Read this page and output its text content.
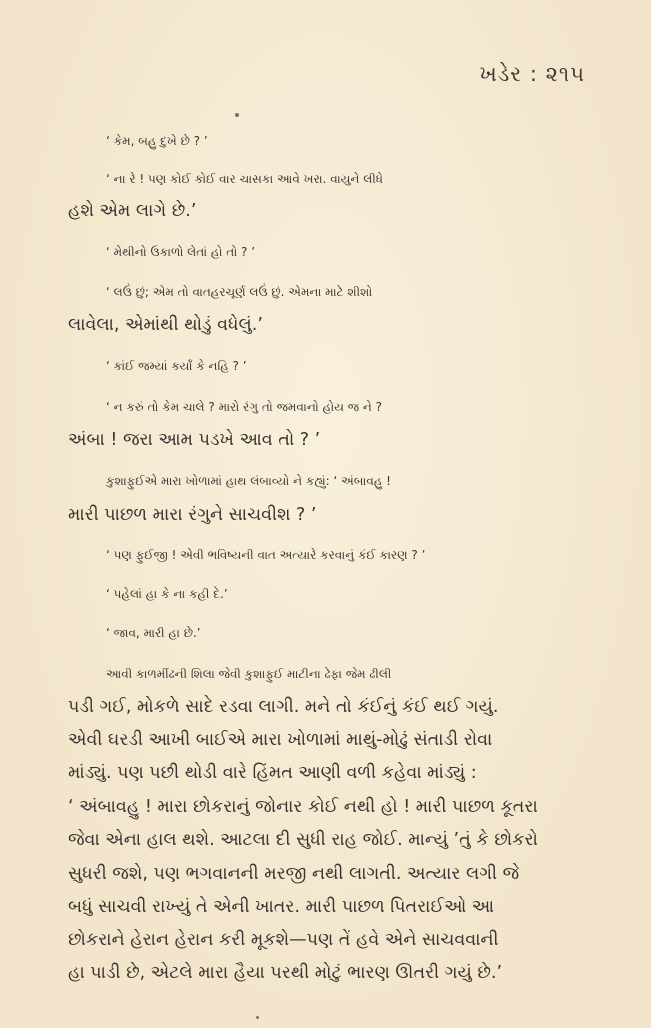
ખડેર : ૨૧૫
‘ કેમ, બહુ દુખે છે ? ’
‘ ના રે ! પણ કોઈ કોઈ વાર ચાસકા આવે ખરા. વાયુને લીધે
હશે એમ લાગે છે.’
‘ મેથીનો ઉકાળો લેતાં હો તો ? ’
‘ લઉં છું; એમ તો વાતહરચૂર્ણ લઉં છું. એમના માટે શીશો
લાવેલા, એમાંથી થોડું વધેલું.’
‘ કાંઈ જમ્યાં કર્યાં કે નહિ ? ’
‘ ન કરું તો કેમ ચાલે ? મારો રંગુ તો જમવાનો હોય જ ને ?
અંબા ! જરા આમ પડખે આવ તો ? ’
કુશાફુઈએ મારા ખોળામાં હાથ લંબાવ્યો ને કહ્યું: ‘ અંબાવહુ !
મારી પાછળ મારા રંગુને સાચવીશ ? ’
‘ પણ ફુઈજી ! એવી ભવિષ્યની વાત અત્યારે કરવાનું કંઈ કારણ ? ’
‘ પહેલાં હા કે ના કહી દે.’
‘ જાવ, મારી હા છે.’
આવી કાળમીંઢની શિલા જેવી કુશાફુઈ માટીના ઢેફા જેમ ઢીલી
પડી ગઈ, મોકળે સાદે રડવા લાગી. મને તો કંઈનું કંઈ થઈ ગયું.
એવી ઘરડી આખી બાઈએ મારા ખોળામાં માથું-મોઢું સંતાડી રોવા
માંડ્યું. પણ પછી થોડી વારે હિંમત આણી વળી કહેવા માંડ્યું :
‘ અંબાવહુ ! મારા છોકરાનું જોનાર કોઈ નથી હો ! મારી પાછળ કૂતરા
જેવા એના હાલ થશે. આટલા દી સુધી રાહ જોઈ. માન્યું ’તું કે છોકરો
સુધરી જશે, પણ ભગવાનની મરજી નથી લાગતી. અત્યાર લગી જે
બધું સાચવી રાખ્યું તે એની ખાતર. મારી પાછળ પિતરાઈઓ આ
છોકરાને હેરાન હેરાન કરી મૂકશે—પણ તેં હવે એને સાચવવાની
હા પાડી છે, એટલે મારા હૈયા પરથી મોટું ભારણ ઊતરી ગયું છે.’
